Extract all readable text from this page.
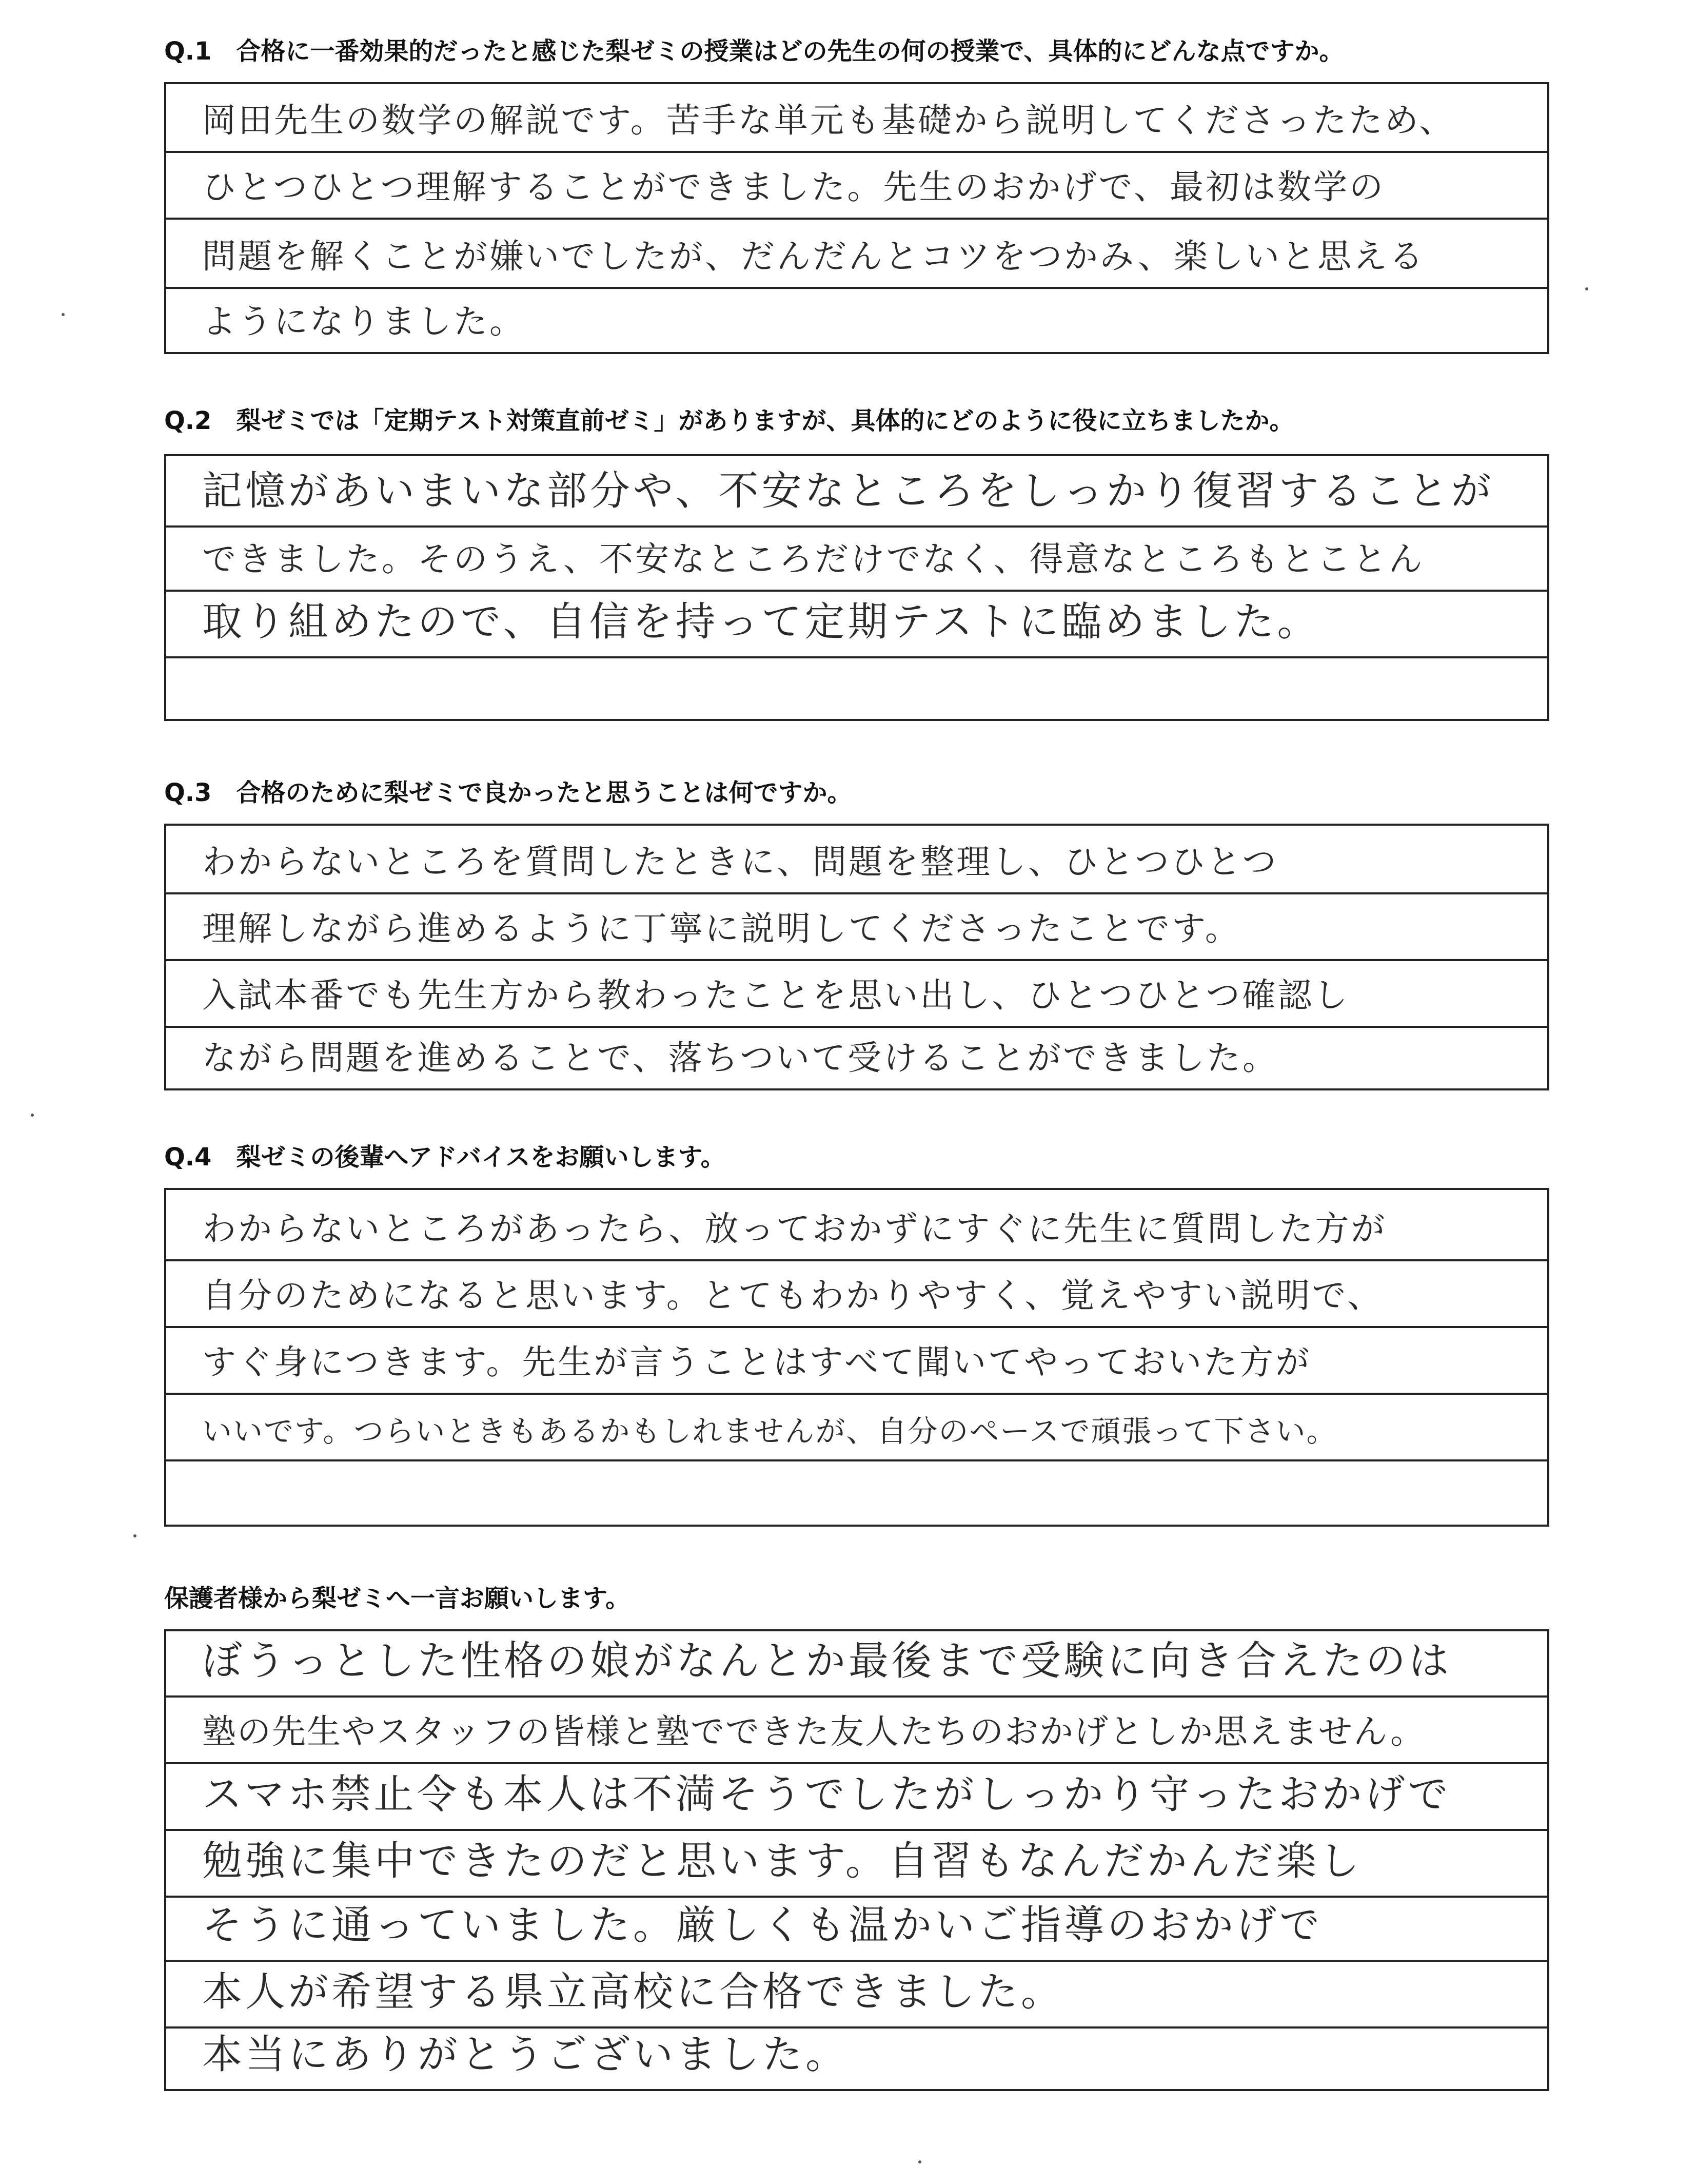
Q.1　合格に一番効果的だったと感じた梨ゼミの授業はどの先生の何の授業で、具体的にどんな点ですか。
岡田先生の数学の解説です。苦手な単元も基礎から説明してくださったため、
ひとつひとつ理解することができました。先生のおかげで、最初は数学の
問題を解くことが嫌いでしたが、だんだんとコツをつかみ、楽しいと思える
ようになりました。
Q.2　梨ゼミでは「定期テスト対策直前ゼミ」がありますが、具体的にどのように役に立ちましたか。
記憶があいまいな部分や、不安なところをしっかり復習することが
できました。そのうえ、不安なところだけでなく、得意なところもとことん
取り組めたので、自信を持って定期テストに臨めました。
Q.3　合格のために梨ゼミで良かったと思うことは何ですか。
わからないところを質問したときに、問題を整理し、ひとつひとつ
理解しながら進めるように丁寧に説明してくださったことです。
入試本番でも先生方から教わったことを思い出し、ひとつひとつ確認し
ながら問題を進めることで、落ちついて受けることができました。
Q.4　梨ゼミの後輩へアドバイスをお願いします。
わからないところがあったら、放っておかずにすぐに先生に質問した方が
自分のためになると思います。とてもわかりやすく、覚えやすい説明で、
すぐ身につきます。先生が言うことはすべて聞いてやっておいた方が
いいです。つらいときもあるかもしれませんが、自分のペースで頑張って下さい。
保護者様から梨ゼミへ一言お願いします。
ぼうっとした性格の娘がなんとか最後まで受験に向き合えたのは
塾の先生やスタッフの皆様と塾でできた友人たちのおかげとしか思えません。
スマホ禁止令も本人は不満そうでしたがしっかり守ったおかげで
勉強に集中できたのだと思います。自習もなんだかんだ楽し
そうに通っていました。厳しくも温かいご指導のおかげで
本人が希望する県立高校に合格できました。
本当にありがとうございました。
